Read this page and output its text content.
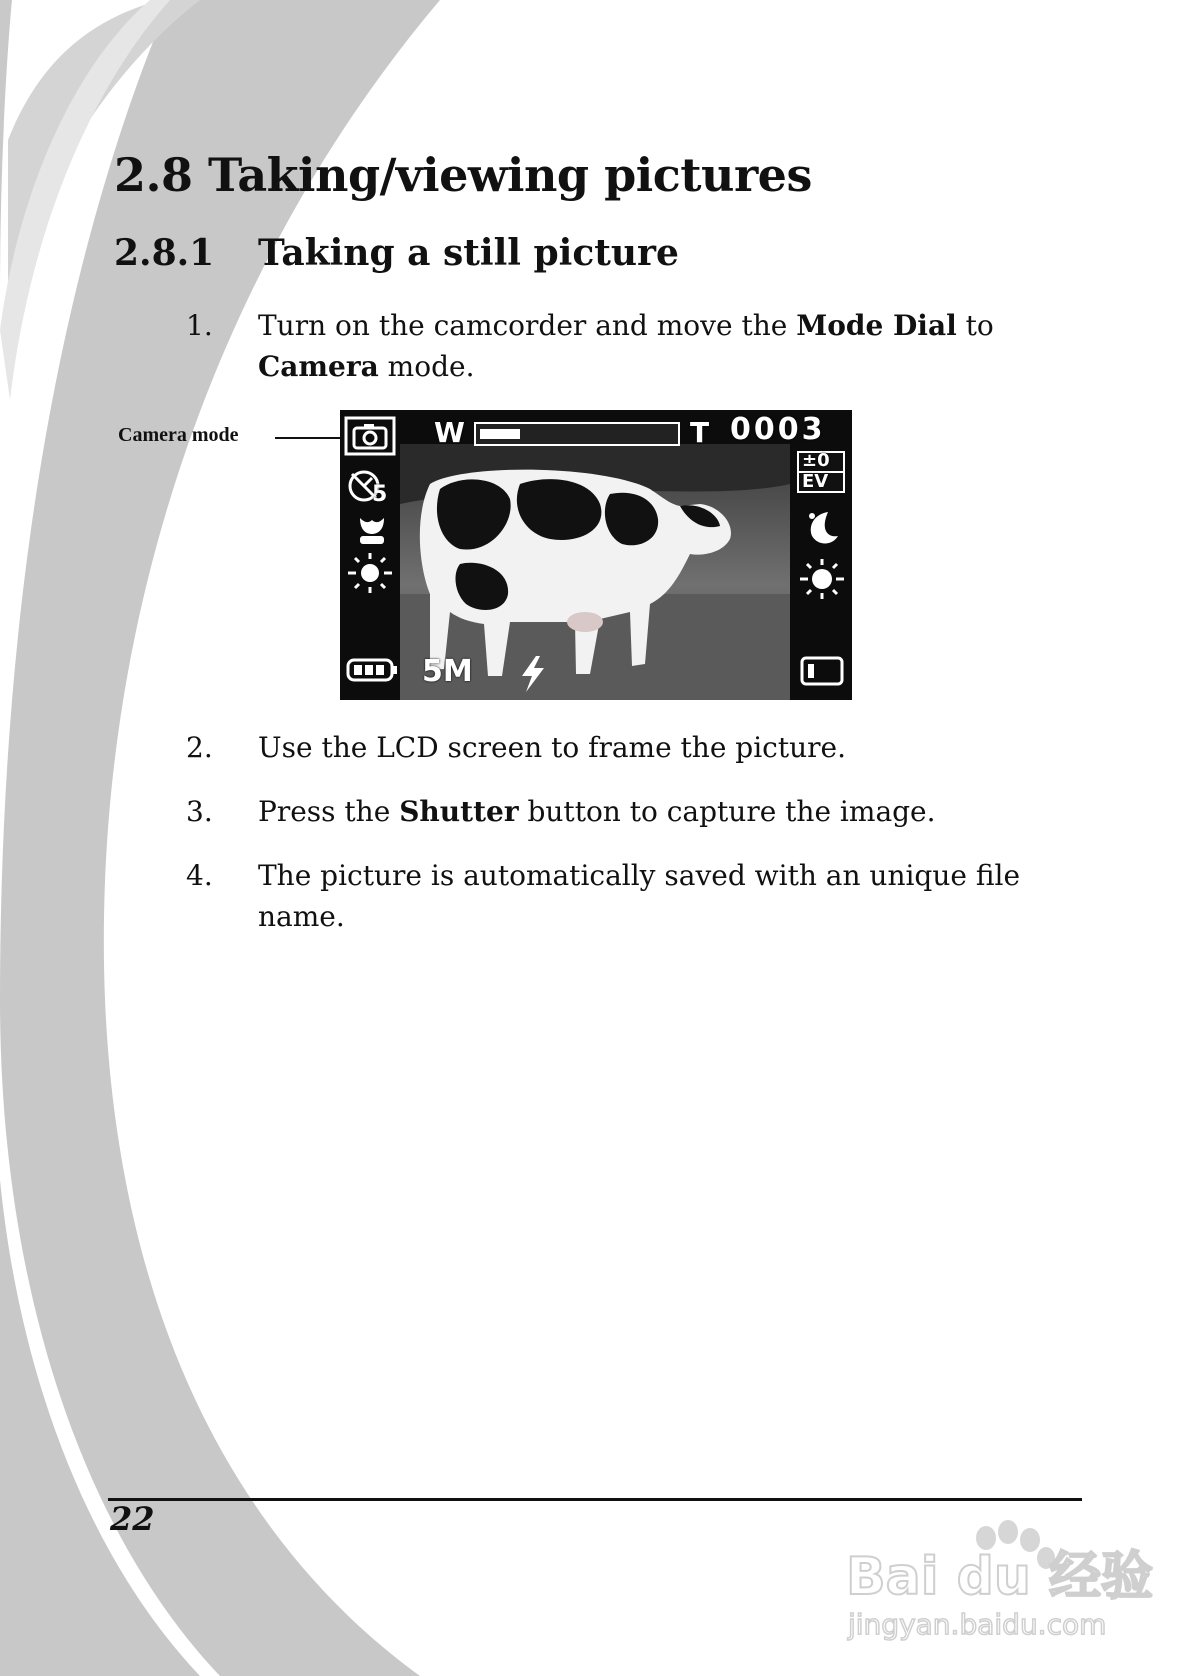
2.8 Taking/viewing pictures
2.8.1 Taking a still picture
1. Turn on the camcorder and move the Mode Dial to Camera mode.
Camera mode	W	T 0003
5
±0
EV
5M
2. Use the LCD screen to frame the picture.
3. Press the Shutter button to capture the image.
4. The picture is automatically saved with an unique file
name.
22
Bai du 经验
jingyan.baidu.com
